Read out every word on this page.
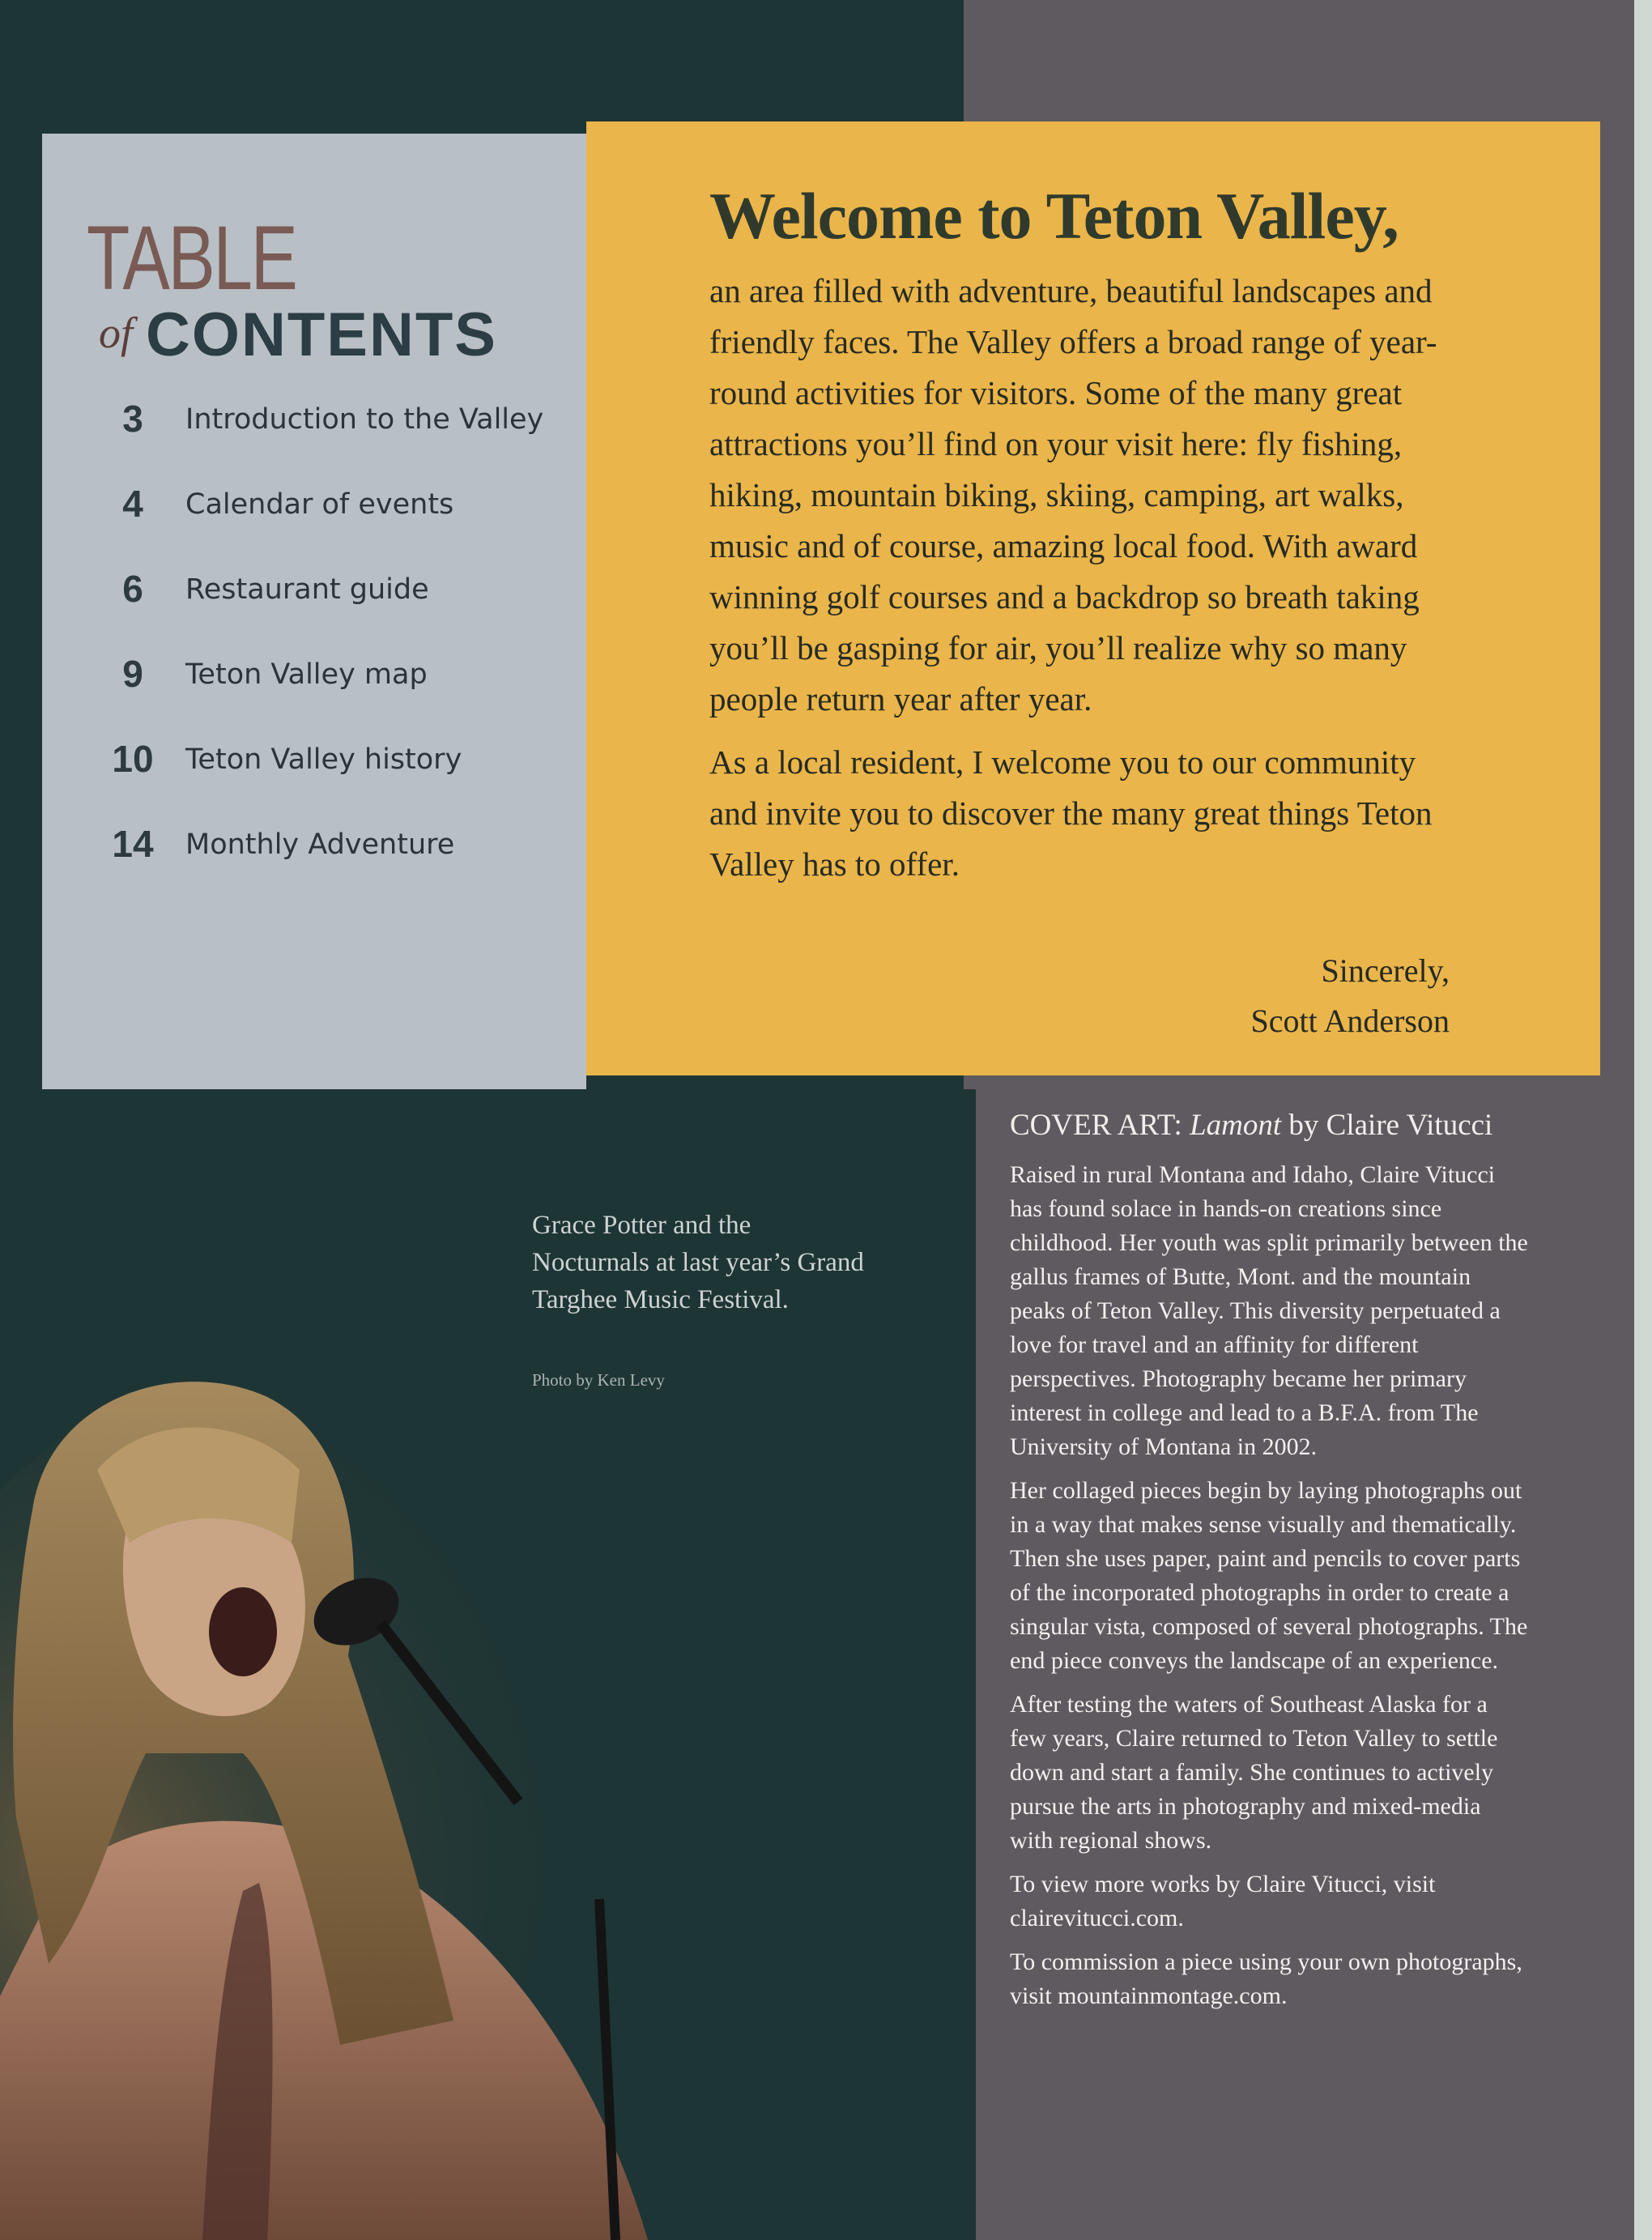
TABLE
of CONTENTS
3	Introduction to the Valley
4	Calendar of events
6	Restaurant guide
9	Teton Valley map
10	Teton Valley history
14	Monthly Adventure
Welcome to Teton Valley,

an area filled with adventure, beautiful landscapes and friendly faces. The Valley offers a broad range of year-round activities for visitors. Some of the many great attractions you’ll find on your visit here: fly fishing, hiking, mountain biking, skiing, camping, art walks, music and of course, amazing local food. With award winning golf courses and a backdrop so breath taking you’ll be gasping for air, you’ll realize why so many people return year after year.

As a local resident, I welcome you to our community and invite you to discover the many great things Teton Valley has to offer.

Sincerely,
Scott Anderson
Grace Potter and the Nocturnals at last year’s Grand Targhee Music Festival.
Photo by Ken Levy
COVER ART: Lamont by Claire Vitucci

Raised in rural Montana and Idaho, Claire Vitucci has found solace in hands-on creations since childhood. Her youth was split primarily between the gallus frames of Butte, Mont. and the mountain peaks of Teton Valley. This diversity perpetuated a love for travel and an affinity for different perspectives. Photography became her primary interest in college and lead to a B.F.A. from The University of Montana in 2002.

Her collaged pieces begin by laying photographs out in a way that makes sense visually and thematically. Then she uses paper, paint and pencils to cover parts of the incorporated photographs in order to create a singular vista, composed of several photographs. The end piece conveys the landscape of an experience.

After testing the waters of Southeast Alaska for a few years, Claire returned to Teton Valley to settle down and start a family. She continues to actively pursue the arts in photography and mixed-media with regional shows.

To view more works by Claire Vitucci, visit clairevitucci.com.

To commission a piece using your own photographs, visit mountainmontage.com.
